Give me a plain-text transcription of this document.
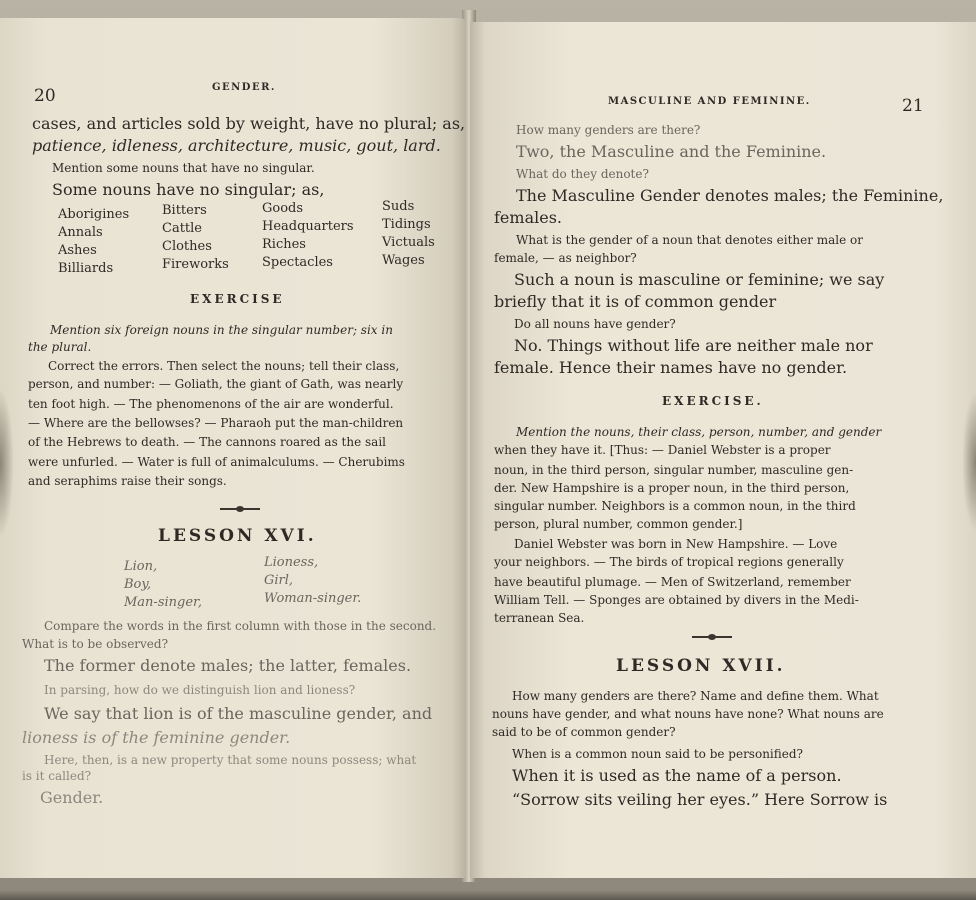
20	GENDER.
cases, and articles sold by weight, have no plural; as,
patience, idleness, architecture, music, gout, lard.
Mention some nouns that have no singular.
Some nouns have no singular; as,
Aborigines
Annals
Ashes
Billiards
Bitters
Cattle
Clothes
Fireworks
Goods
Headquarters
Riches
Spectacles
Suds
Tidings
Victuals
Wages
EXERCISE
Mention six foreign nouns in the singular number; six in
the plural.
Correct the errors. Then select the nouns; tell their class,
person, and number: — Goliath, the giant of Gath, was nearly
ten foot high. — The phenomenons of the air are wonderful.
— Where are the bellowses? — Pharaoh put the man-children
of the Hebrews to death. — The cannons roared as the sail
were unfurled. — Water is full of animalculums. — Cherubims
and seraphims raise their songs.
LESSON XVI.
Lion,
Boy,
Man-singer,
Lioness,
Girl,
Woman-singer.
Compare the words in the first column with those in the second.
What is to be observed?
The former denote males; the latter, females.
In parsing, how do we distinguish lion and lioness?
We say that lion is of the masculine gender, and
lioness is of the feminine gender.
Here, then, is a new property that some nouns possess; what
is it called?
Gender.
MASCULINE AND FEMININE.	21
How many genders are there?
Two, the Masculine and the Feminine.
What do they denote?
The Masculine Gender denotes males; the Feminine,
females.
What is the gender of a noun that denotes either male or
female, — as neighbor?
Such a noun is masculine or feminine; we say
briefly that it is of common gender
Do all nouns have gender?
No. Things without life are neither male nor
female. Hence their names have no gender.
EXERCISE.
Mention the nouns, their class, person, number, and gender
when they have it. [Thus: — Daniel Webster is a proper
noun, in the third person, singular number, masculine gen-
der. New Hampshire is a proper noun, in the third person,
singular number. Neighbors is a common noun, in the third
person, plural number, common gender.]
Daniel Webster was born in New Hampshire. — Love
your neighbors. — The birds of tropical regions generally
have beautiful plumage. — Men of Switzerland, remember
William Tell. — Sponges are obtained by divers in the Medi-
terranean Sea.
LESSON XVII.
How many genders are there? Name and define them. What
nouns have gender, and what nouns have none? What nouns are
said to be of common gender?
When is a common noun said to be personified?
When it is used as the name of a person.
“Sorrow sits veiling her eyes.” Here Sorrow is
